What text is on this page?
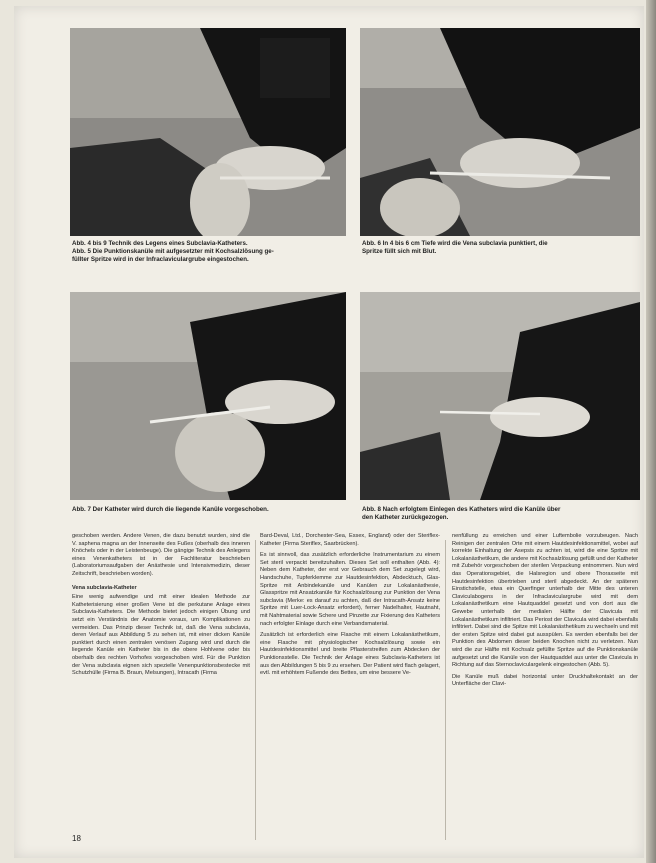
Abb. 4 bis 9 Technik des Legens eines Subclavia-Katheters.
Abb. 5 Die Punktionskanüle mit aufgesetzter mit Kochsalzlösung ge-
füllter Spritze wird in der Infraclaviculargrube eingestochen.
Abb. 6 In 4 bis 6 cm Tiefe wird die Vena subclavia punktiert, die
Spritze füllt sich mit Blut.
Abb. 7 Der Katheter wird durch die liegende Kanüle vorgeschoben.	Abb. 8 Nach erfolgtem Einlegen des Katheters wird die Kanüle über
den Katheter zurückgezogen.

geschoben werden. Andere Venen, die dazu benutzt wurden, sind die V. saphena magna an der Innenseite des Fußes (oberhalb des inneren Knöchels oder in der Leistenbeuge). Die gängige Technik des Anlegens eines Venenkatheters ist in der Fachliteratur beschrieben (Laboratoriumsaufgaben der Anästhesie und Intensivmedizin, dieser Zeitschrift, beschrieben worden).

Vena subclavia-Katheter

Eine wenig aufwendige und mit einer idealen Methode zur Katheterisierung einer großen Vene ist die perkutane Anlage eines Subclavia-Katheters. Die Methode bietet jedoch einigen Übung und setzt ein Verständnis der Anatomie voraus, um Komplikationen zu vermeiden. Das Prinzip dieser Technik ist, daß die Vena subclavia, deren Verlauf aus Abbildung 5 zu sehen ist, mit einer dicken Kanüle punktiert durch einen zentralen venösen Zugang wird und durch die liegende Kanüle ein Katheter bis in die obere Hohlvene oder bis oberhalb des rechten Vorhofes vorgeschoben wird. Für die Punktion der Vena subclavia eignen sich spezielle Venenpunktionsbestecke mit Schutzhülle (Firma B. Braun, Melsungen), Intracath (Firma

Bard-Deval, Ltd., Dorchester-Sea, Essex, England) oder der Steriflex-Katheter (Firma Steriflex, Saarbrücken).

Es ist sinnvoll, das zusätzlich erforderliche Instrumentarium zu einem Set steril verpackt bereitzuhalten. Dieses Set soll enthalten (Abb. 4): Neben dem Katheter, der erst vor Gebrauch dem Set zugelegt wird, Handschuhe, Tupferklemme zur Hautdesinfektion, Abdecktuch, Glas-Spritze mit Anbindekanüle und Kanülen zur Lokalanästhesie, Glasspritze mit Ansatzkanüle für Kochsalzlösung zur Punktion der Vena subclavia (Merke: es darauf zu achten, daß der Intracath-Ansatz keine Spritze mit Luer-Lock-Ansatz erfordert), ferner Nadelhalter, Hautnaht, mit Nahtmaterial sowie Schere und Pinzette zur Fixierung des Katheters nach erfolgter Einlage durch eine Verbandsmaterial.

Zusätzlich ist erforderlich eine Flasche mit einem Lokalanästhetikum, eine Flasche mit physiologischer Kochsalzlösung sowie ein Hautdesinfektionsmittel und breite Pflasterstreifen zum Abdecken der Punktionsstelle. Die Technik der Anlage eines Subclavia-Katheters ist aus den Abbildungen 5 bis 9 zu ersehen. Der Patient wird flach gelagert, evtl. mit erhöhtem Fußende des Bettes, um eine bessere Ve-

nenfüllung zu erreichen und einer Luftembolie vorzubeugen. Nach Reinigen der zentralen Orte mit einem Hautdesinfektionsmittel, wobei auf korrekte Einhaltung der Asepsis zu achten ist, wird die eine Spritze mit Lokalanästhetikum, die andere mit Kochsalzlösung gefüllt und der Katheter mit Zubehör vorgeschoben der sterilen Verpackung entnommen. Nun wird das Operationsgebiet, die Halsregion und obere Thoraxseite mit Hautdesinfektion übertrieben und steril abgedeckt. An der späteren Einstichstelle, etwa ein Querfinger unterhalb der Mitte des unteren Claviculabogens in der Infraclaviculargrube wird mit dem Lokalanästhetikum eine Hautquaddel gesetzt und von dort aus die Gewebe unterhalb der medialen Hälfte der Clavicula mit Lokalanästhetikum infiltriert. Das Periost der Clavicula wird dabei ebenfalls infiltriert. Dabei sind die Spitze mit Lokalanästhetikum zu wechseln und mit der ersten Spitze wird dabei gut ausspülen. Es werden ebenfalls bei der Punktion des Abdomen dieser beiden Knochen nicht zu verletzen. Nun wird die zur Hälfte mit Kochsalz gefüllte Spritze auf die Punktionskanüle aufgesetzt und die Kanüle von der Hautquaddel aus unter die Clavicula in Richtung auf das Sternoclaviculargelenk eingestochen (Abb. 5).

Die Kanüle muß dabei horizontal unter Druckhaltekontakt an der Unterfläche der Clavi-

18
